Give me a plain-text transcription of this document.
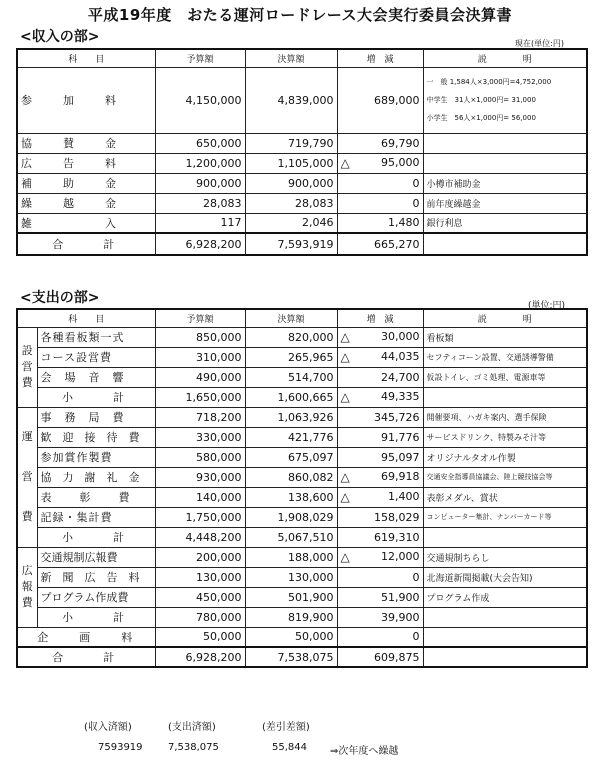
平成19年度　おたる運河ロードレース大会実行委員会決算書
<収入の部>	現在(単位:円)
科　　目	予算額	決算額	増　減	説　　　　明
参　　加　　料	4,150,000	4,839,000	689,000	一　般 1,584人×3,000円=4,752,000
中学生　31人×1,000円= 31,000
小学生　56人×1,000円= 56,000

協　　賛　　金	650,000	719,790	69,790	
広　　告　　料	1,200,000	1,105,000	△ 95,000	
補　　助　　金	900,000	900,000	0	小樽市補助金
繰　　越　　金	28,083	28,083	0	前年度繰越金
雑　　　　　入	117	2,046	1,480	銀行利息
合　　計	6,928,200	7,593,919	665,270	
<支出の部>	(単位:円)
科　　目		予算額	決算額	増　減	説　　　　明
設営費	各種看板類一式	850,000	820,000	△ 30,000	看板類
	コース設営費	310,000	265,965	△ 44,035	セフティコーン設置、交通誘導警備
	会　場　音　響	490,000	514,700	24,700	仮設トイレ、ゴミ処理、電源車等
	小　　計	1,650,000	1,600,665	△ 49,335	
運営費	事　務　局　費	718,200	1,063,926	345,726	開催要項、ハガキ案内、選手保険
	歓　迎　接　待　費	330,000	421,776	91,776	サービスドリンク、特製みそ汁等
	参加賞作製費	580,000	675,097	95,097	オリジナルタオル作製
	協　力　謝　礼　金	930,000	860,082	△ 69,918	交通安全指導員協議会、陸上競技協会等
	表　　彰　　費	140,000	138,600	△ 1,400	表彰メダル、賞状
	記録・集計費	1,750,000	1,908,029	158,029	コンピューター集計、ナンバーカード等
	小　　計	4,448,200	5,067,510	619,310	
広報費	交通規制広報費	200,000	188,000	△ 12,000	交通規制ちらし
	新　聞　広　告　料	130,000	130,000	0	北海道新聞掲載(大会告知)
	プログラム作成費	450,000	501,900	51,900	プログラム作成
	小　　計	780,000	819,900	39,900	
企　　画　　料		50,000	50,000	0	
合　　計		6,928,200	7,538,075	609,875	
(収入済額)	(支出済額)	(差引差額)
7593919	7,538,075	55,844 ⇒次年度へ繰越
